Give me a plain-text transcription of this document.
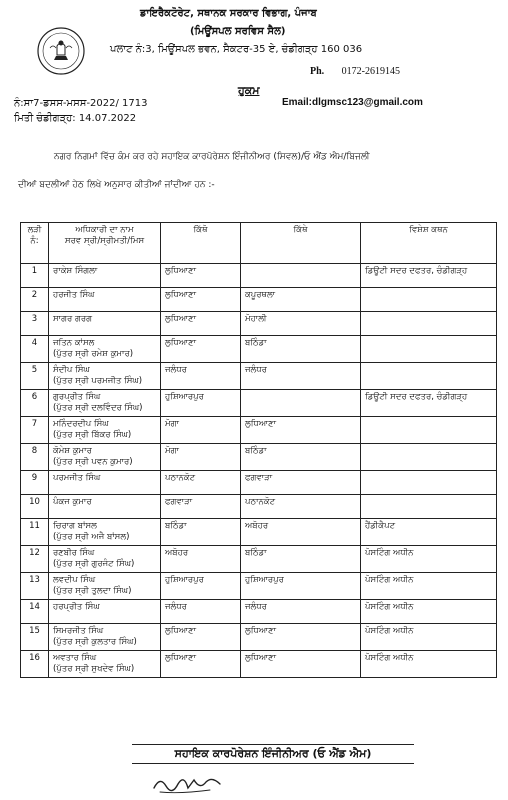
ਡਾਇਰੈਕਟੋਰੇਟ, ਸਥਾਨਕ ਸਰਕਾਰ ਵਿਭਾਗ, ਪੰਜਾਬ
(ਮਿਊਂਸਪਲ ਸਰਵਿਸ ਸੈਲ)
ਪਲਾਟ ਨੰ:3, ਮਿਊਂਸਪਲ ਭਵਨ, ਸੈਕਟਰ-35 ਏ, ਚੰਡੀਗੜ੍ਹ 160 036
Ph. 0172-2619145
ਹੁਕਮ
ਨੰ:ਸਾ7-ਡਸਸ-ਮਸਸ-2022/ 1713
ਮਿਤੀ ਚੰਡੀਗੜ੍ਹ: 14.07.2022
Email:dlgmsc123@gmail.com
ਨਗਰ ਨਿਗਮਾਂ ਵਿੱਚ ਕੰਮ ਕਰ ਰਹੇ ਸਹਾਇਕ ਕਾਰਪੋਰੇਸ਼ਨ ਇੰਜੀਨੀਅਰ (ਸਿਵਲ)/ਓ ਐਂਡ ਐਮ/ਬਿਜਲੀ
ਦੀਆਂ ਬਦਲੀਆਂ ਹੇਠ ਲਿਖੇ ਅਨੁਸਾਰ ਕੀਤੀਆਂ ਜਾਂਦੀਆ ਹਨ :-
ਲੜੀ ਨੰ:	ਅਧਿਕਾਰੀ ਦਾ ਨਾਮ
ਸਰਵ ਸ੍ਰੀ/ਸ੍ਰੀਮਤੀ/ਮਿਸ	ਕਿੱਥੋ	ਕਿੱਥੇ	ਵਿਸ਼ੇਸ਼ ਕਥਨ
1	ਰਾਕੇਸ਼ ਸਿੰਗਲਾ	ਲੁਧਿਆਣਾ		ਡਿਊਟੀ ਸਦਰ ਦਫਤਰ, ਚੰਡੀਗੜ੍ਹ
2	ਹਰਜੀਤ ਸਿੰਘ	ਲੁਧਿਆਣਾ	ਕਪੂਰਥਲਾ	
3	ਸਾਗਰ ਗਰਗ	ਲੁਧਿਆਣਾ	ਮੋਹਾਲੀ	
4	ਜਤਿਨ ਕਾਂਸਲ
(ਪੁੱਤਰ ਸ੍ਰੀ ਰਮੇਸ਼ ਕੁਮਾਰ)	ਲੁਧਿਆਣਾ	ਬਠਿੰਡਾ	
5	ਸੰਦੀਪ ਸਿੰਘ
(ਪੁੱਤਰ ਸ੍ਰੀ ਪਰਮਜੀਤ ਸਿੰਘ)	ਜਲੰਧਰ	ਜਲੰਧਰ	
6	ਗੁਰਪ੍ਰੀਤ ਸਿੰਘ
(ਪੁੱਤਰ ਸ੍ਰੀ ਦਲਵਿੰਦਰ ਸਿੰਘ)	ਹੁਸ਼ਿਆਰਪੁਰ		ਡਿਊਟੀ ਸਦਰ ਦਫਤਰ, ਚੰਡੀਗੜ੍ਹ
7	ਮਨਿੰਦਰਦੀਪ ਸਿੰਘ
(ਪੁੱਤਰ ਸ੍ਰੀ ਬਿੱਕਰ ਸਿੰਘ)	ਮੋਗਾ	ਲੁਧਿਆਣਾ	
8	ਕੋਮੇਸ਼ ਕੁਮਾਰ
(ਪੁੱਤਰ ਸ੍ਰੀ ਪਵਨ ਕੁਮਾਰ)	ਮੋਗਾ	ਬਠਿੰਡਾ	
9	ਪਰਮਜੀਤ ਸਿੰਘ	ਪਠਾਨਕੋਟ	ਫਗਵਾੜਾ	
10	ਪੰਕਜ ਕੁਮਾਰ	ਫਗਵਾੜਾ	ਪਠਾਨਕੋਟ	
11	ਚਿਰਾਗ ਬਾਂਸਲ
(ਪੁੱਤਰ ਸ੍ਰੀ ਅਜੈ ਬਾਂਸਲ)	ਬਠਿੰਡਾ	ਅਬੋਹਰ	ਹੈਂਡੀਕੈਪਟ
12	ਰਣਬੀਰ ਸਿੰਘ
(ਪੁੱਤਰ ਸ੍ਰੀ ਗੁਰਜੰਟ ਸਿੰਘ)	ਅਬੋਹਰ	ਬਠਿੰਡਾ	ਪੋਸਟਿੰਗ ਅਧੀਨ
13	ਲਵਦੀਪ ਸਿੰਘ
(ਪੁੱਤਰ ਸ੍ਰੀ ਤੁਲਦਾ ਸਿੰਘ)	ਹੁਸ਼ਿਆਰਪੁਰ	ਹੁਸ਼ਿਆਰਪੁਰ	ਪੋਸਟਿੰਗ ਅਧੀਨ
14	ਹਰਪ੍ਰੀਤ ਸਿੰਘ	ਜਲੰਧਰ	ਜਲੰਧਰ	ਪੋਸਟਿੰਗ ਅਧੀਨ
15	ਸਿਮਰਜੀਤ ਸਿੰਘ
(ਪੁੱਤਰ ਸ੍ਰੀ ਕੁਲਤਾਰ ਸਿੰਘ)	ਲੁਧਿਆਣਾ	ਲੁਧਿਆਣਾ	ਪੋਸਟਿੰਗ ਅਧੀਨ
16	ਅਵਤਾਰ ਸਿੰਘ
(ਪੁੱਤਰ ਸ੍ਰੀ ਸੁਖਦੇਵ ਸਿੰਘ)	ਲੁਧਿਆਣਾ	ਲੁਧਿਆਣਾ	ਪੋਸਟਿੰਗ ਅਧੀਨ
ਸਹਾਇਕ ਕਾਰਪੋਰੇਸ਼ਨ ਇੰਜੀਨੀਅਰ (ਓ ਐਂਡ ਐਮ)
